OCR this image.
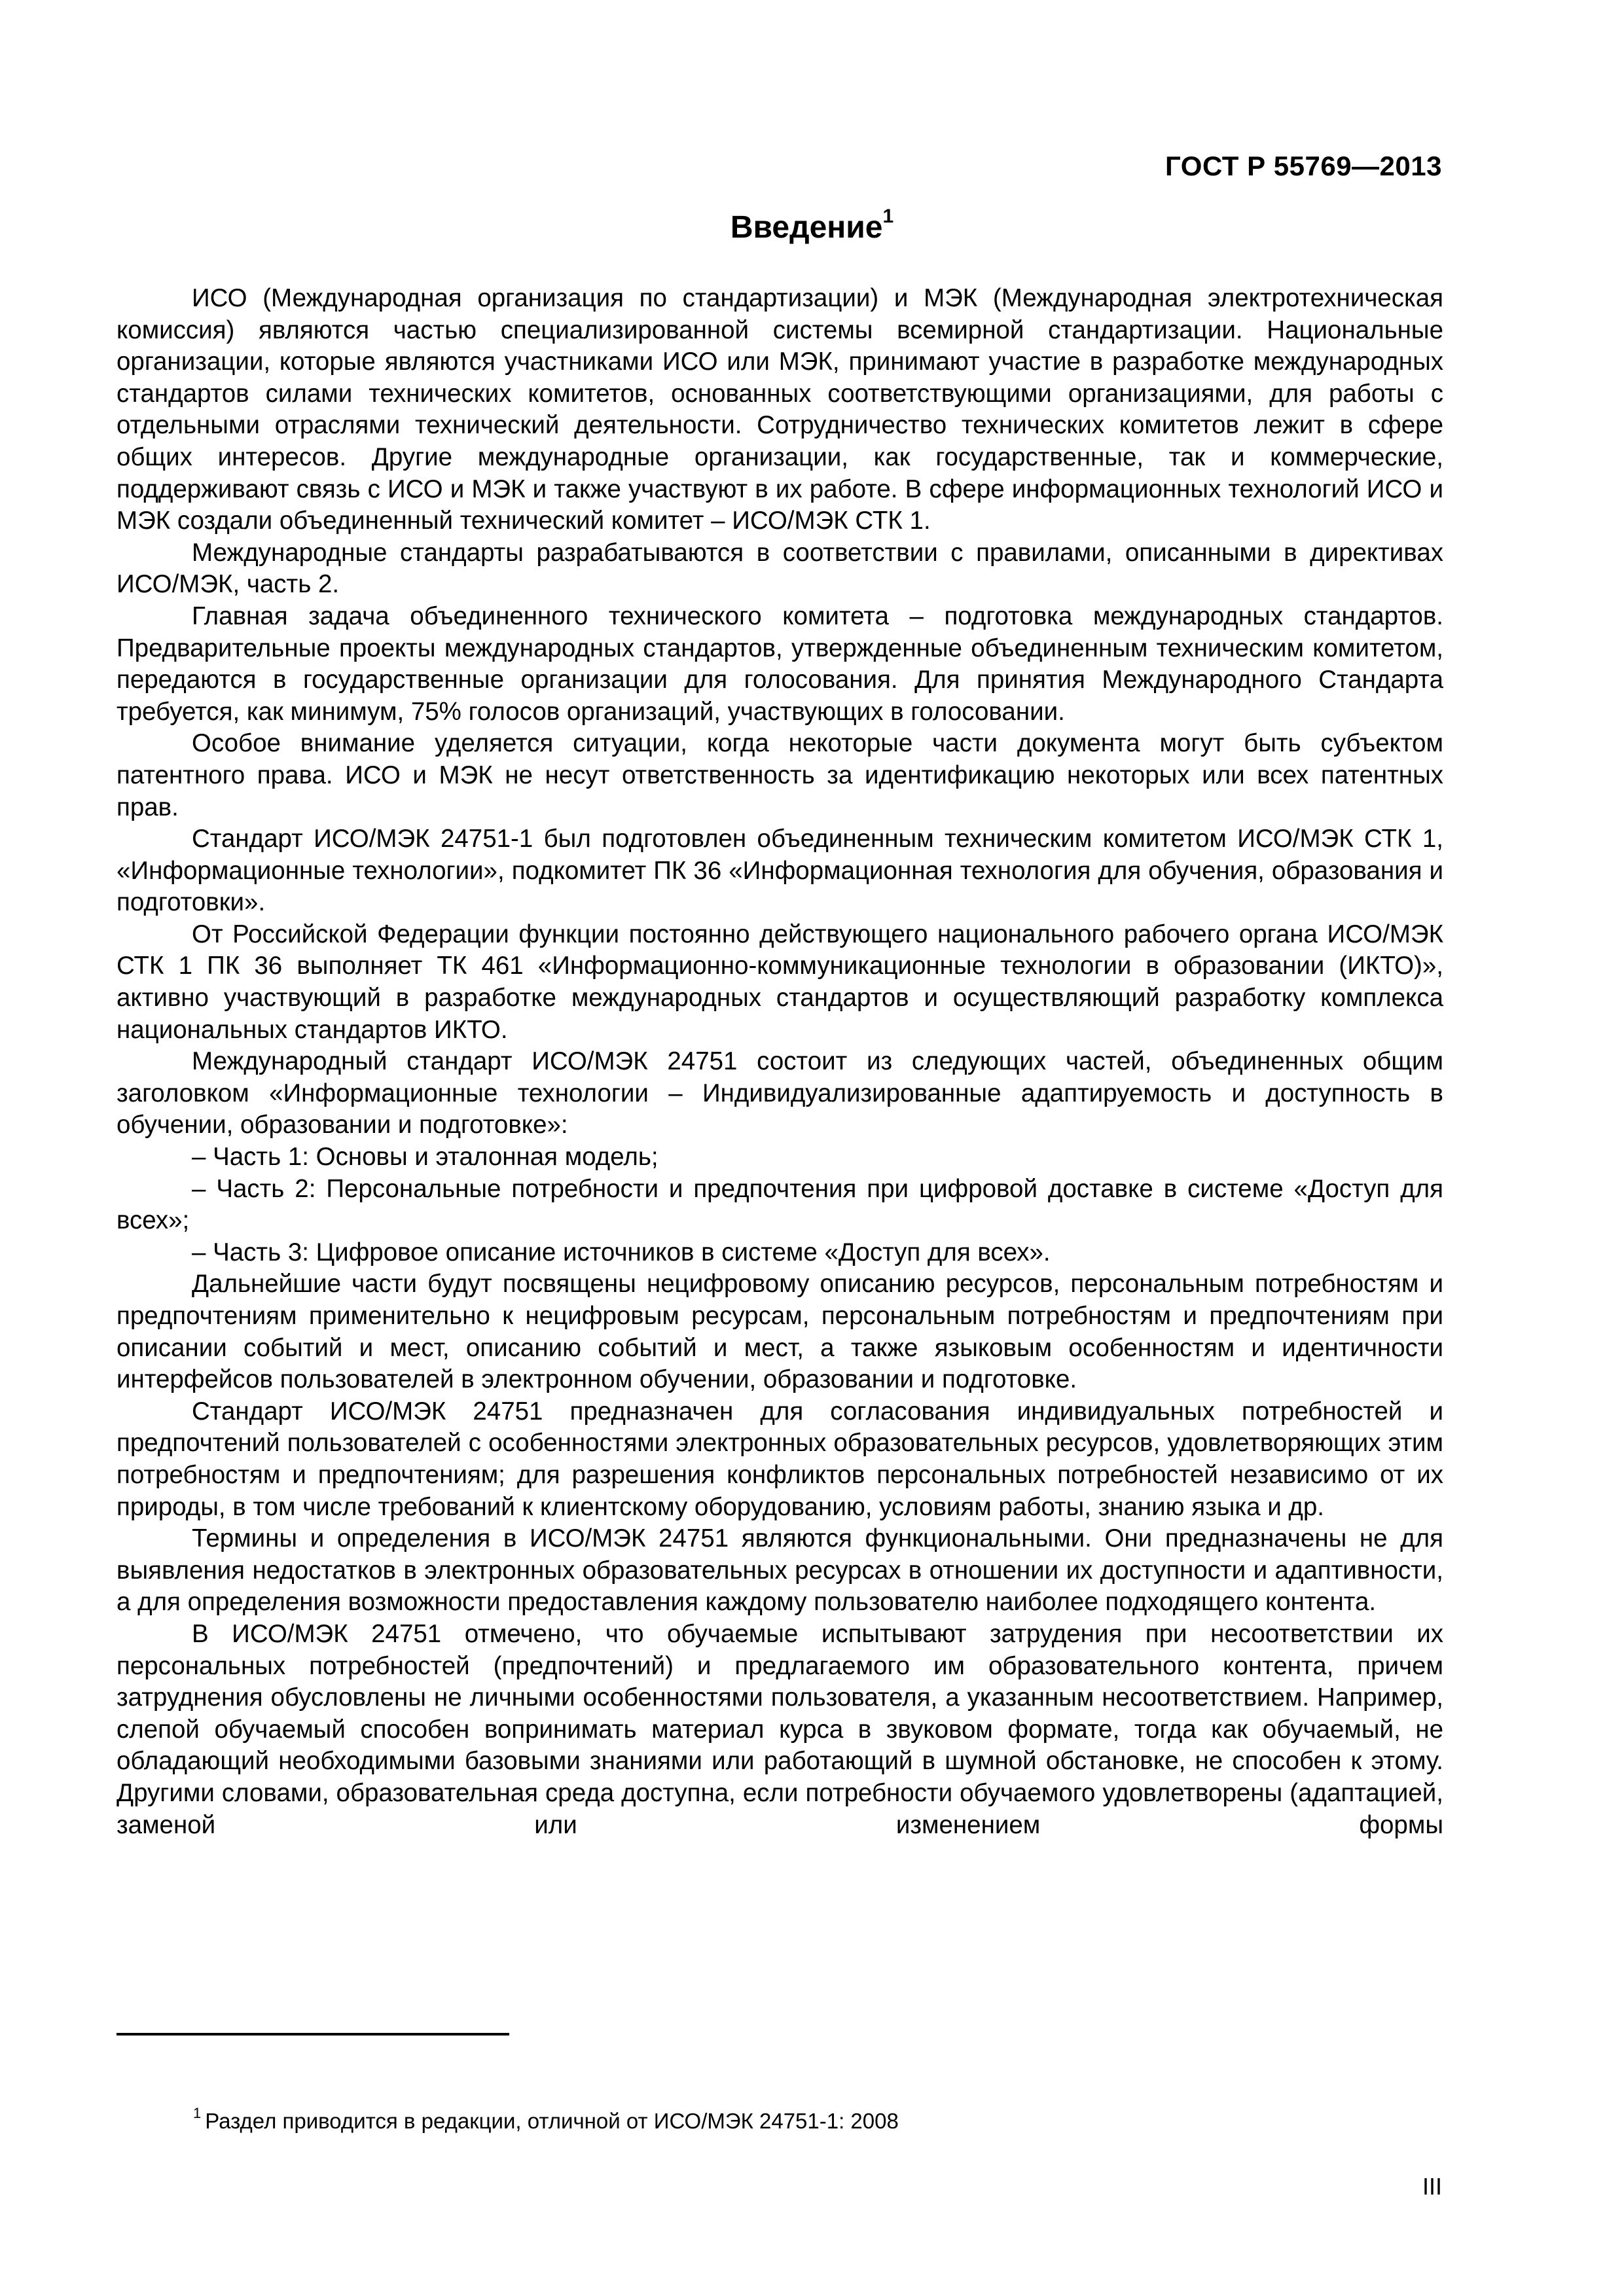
ГОСТ Р 55769—2013
Введение$^1$

ИСО (Международная организация по стандартизации) и МЭК (Международная электротехническая комиссия) являются частью специализированной системы всемирной стандартизации. Национальные организации, которые являются участниками ИСО или МЭК, принимают участие в разработке международных стандартов силами технических комитетов, основанных соответствующими организациями, для работы с отдельными отраслями технический деятельности. Сотрудничество технических комитетов лежит в сфере общих интересов. Другие международные организации, как государственные, так и коммерческие, поддерживают связь с ИСО и МЭК и также участвуют в их работе. В сфере информационных технологий ИСО и МЭК создали объединенный технический комитет – ИСО/МЭК СТК 1.

Международные стандарты разрабатываются в соответствии с правилами, описанными в директивах ИСО/МЭК, часть 2.

Главная задача объединенного технического комитета – подготовка международных стандартов. Предварительные проекты международных стандартов, утвержденные объединенным техническим комитетом, передаются в государственные организации для голосования. Для принятия Международного Стандарта требуется, как минимум, 75% голосов организаций, участвующих в голосовании.

Особое внимание уделяется ситуации, когда некоторые части документа могут быть субъектом патентного права. ИСО и МЭК не несут ответственность за идентификацию некоторых или всех патентных прав.

Стандарт ИСО/МЭК 24751-1 был подготовлен объединенным техническим комитетом ИСО/МЭК СТК 1, «Информационные технологии», подкомитет ПК 36 «Информационная технология для обучения, образования и подготовки».

От Российской Федерации функции постоянно действующего национального рабочего органа ИСО/МЭК СТК 1 ПК 36 выполняет ТК 461 «Информационно-коммуникационные технологии в образовании (ИКТО)», активно участвующий в разработке международных стандартов и осуществляющий разработку комплекса национальных стандартов ИКТО.

Международный стандарт ИСО/МЭК 24751 состоит из следующих частей, объединенных общим заголовком «Информационные технологии – Индивидуализированные адаптируемость и доступность в обучении, образовании и подготовке»:

– Часть 1: Основы и эталонная модель;

– Часть 2: Персональные потребности и предпочтения при цифровой доставке в системе «Доступ для всех»;

– Часть 3: Цифровое описание источников в системе «Доступ для всех».

Дальнейшие части будут посвящены нецифровому описанию ресурсов, персональным потребностям и предпочтениям применительно к нецифровым ресурсам, персональным потребностям и предпочтениям при описании событий и мест, описанию событий и мест, а также языковым особенностям и идентичности интерфейсов пользователей в электронном обучении, образовании и подготовке.

Стандарт ИСО/МЭК 24751 предназначен для согласования индивидуальных потребностей и предпочтений пользователей с особенностями электронных образовательных ресурсов, удовлетворяющих этим потребностям и предпочтениям; для разрешения конфликтов персональных потребностей независимо от их природы, в том числе требований к клиентскому оборудованию, условиям работы, знанию языка и др.

Термины и определения в ИСО/МЭК 24751 являются функциональными. Они предназначены не для выявления недостатков в электронных образовательных ресурсах в отношении их доступности и адаптивности, а для определения возможности предоставления каждому пользователю наиболее подходящего контента.

В ИСО/МЭК 24751 отмечено, что обучаемые испытывают затрудения при несоответствии их персональных потребностей (предпочтений) и предлагаемого им образовательного контента, причем затруднения обусловлены не личными особенностями пользователя, а указанным несоответствием. Например, слепой обучаемый способен вопринимать материал курса в звуковом формате, тогда как обучаемый, не обладающий необходимыми базовыми знаниями или работающий в шумной обстановке, не способен к этому. Другими словами, образовательная среда доступна, если потребности обучаемого удовлетворены (адаптацией, заменой или изменением формы

$^1$ Раздел приводится в редакции, отличной от ИСО/МЭК 24751-1: 2008
III
